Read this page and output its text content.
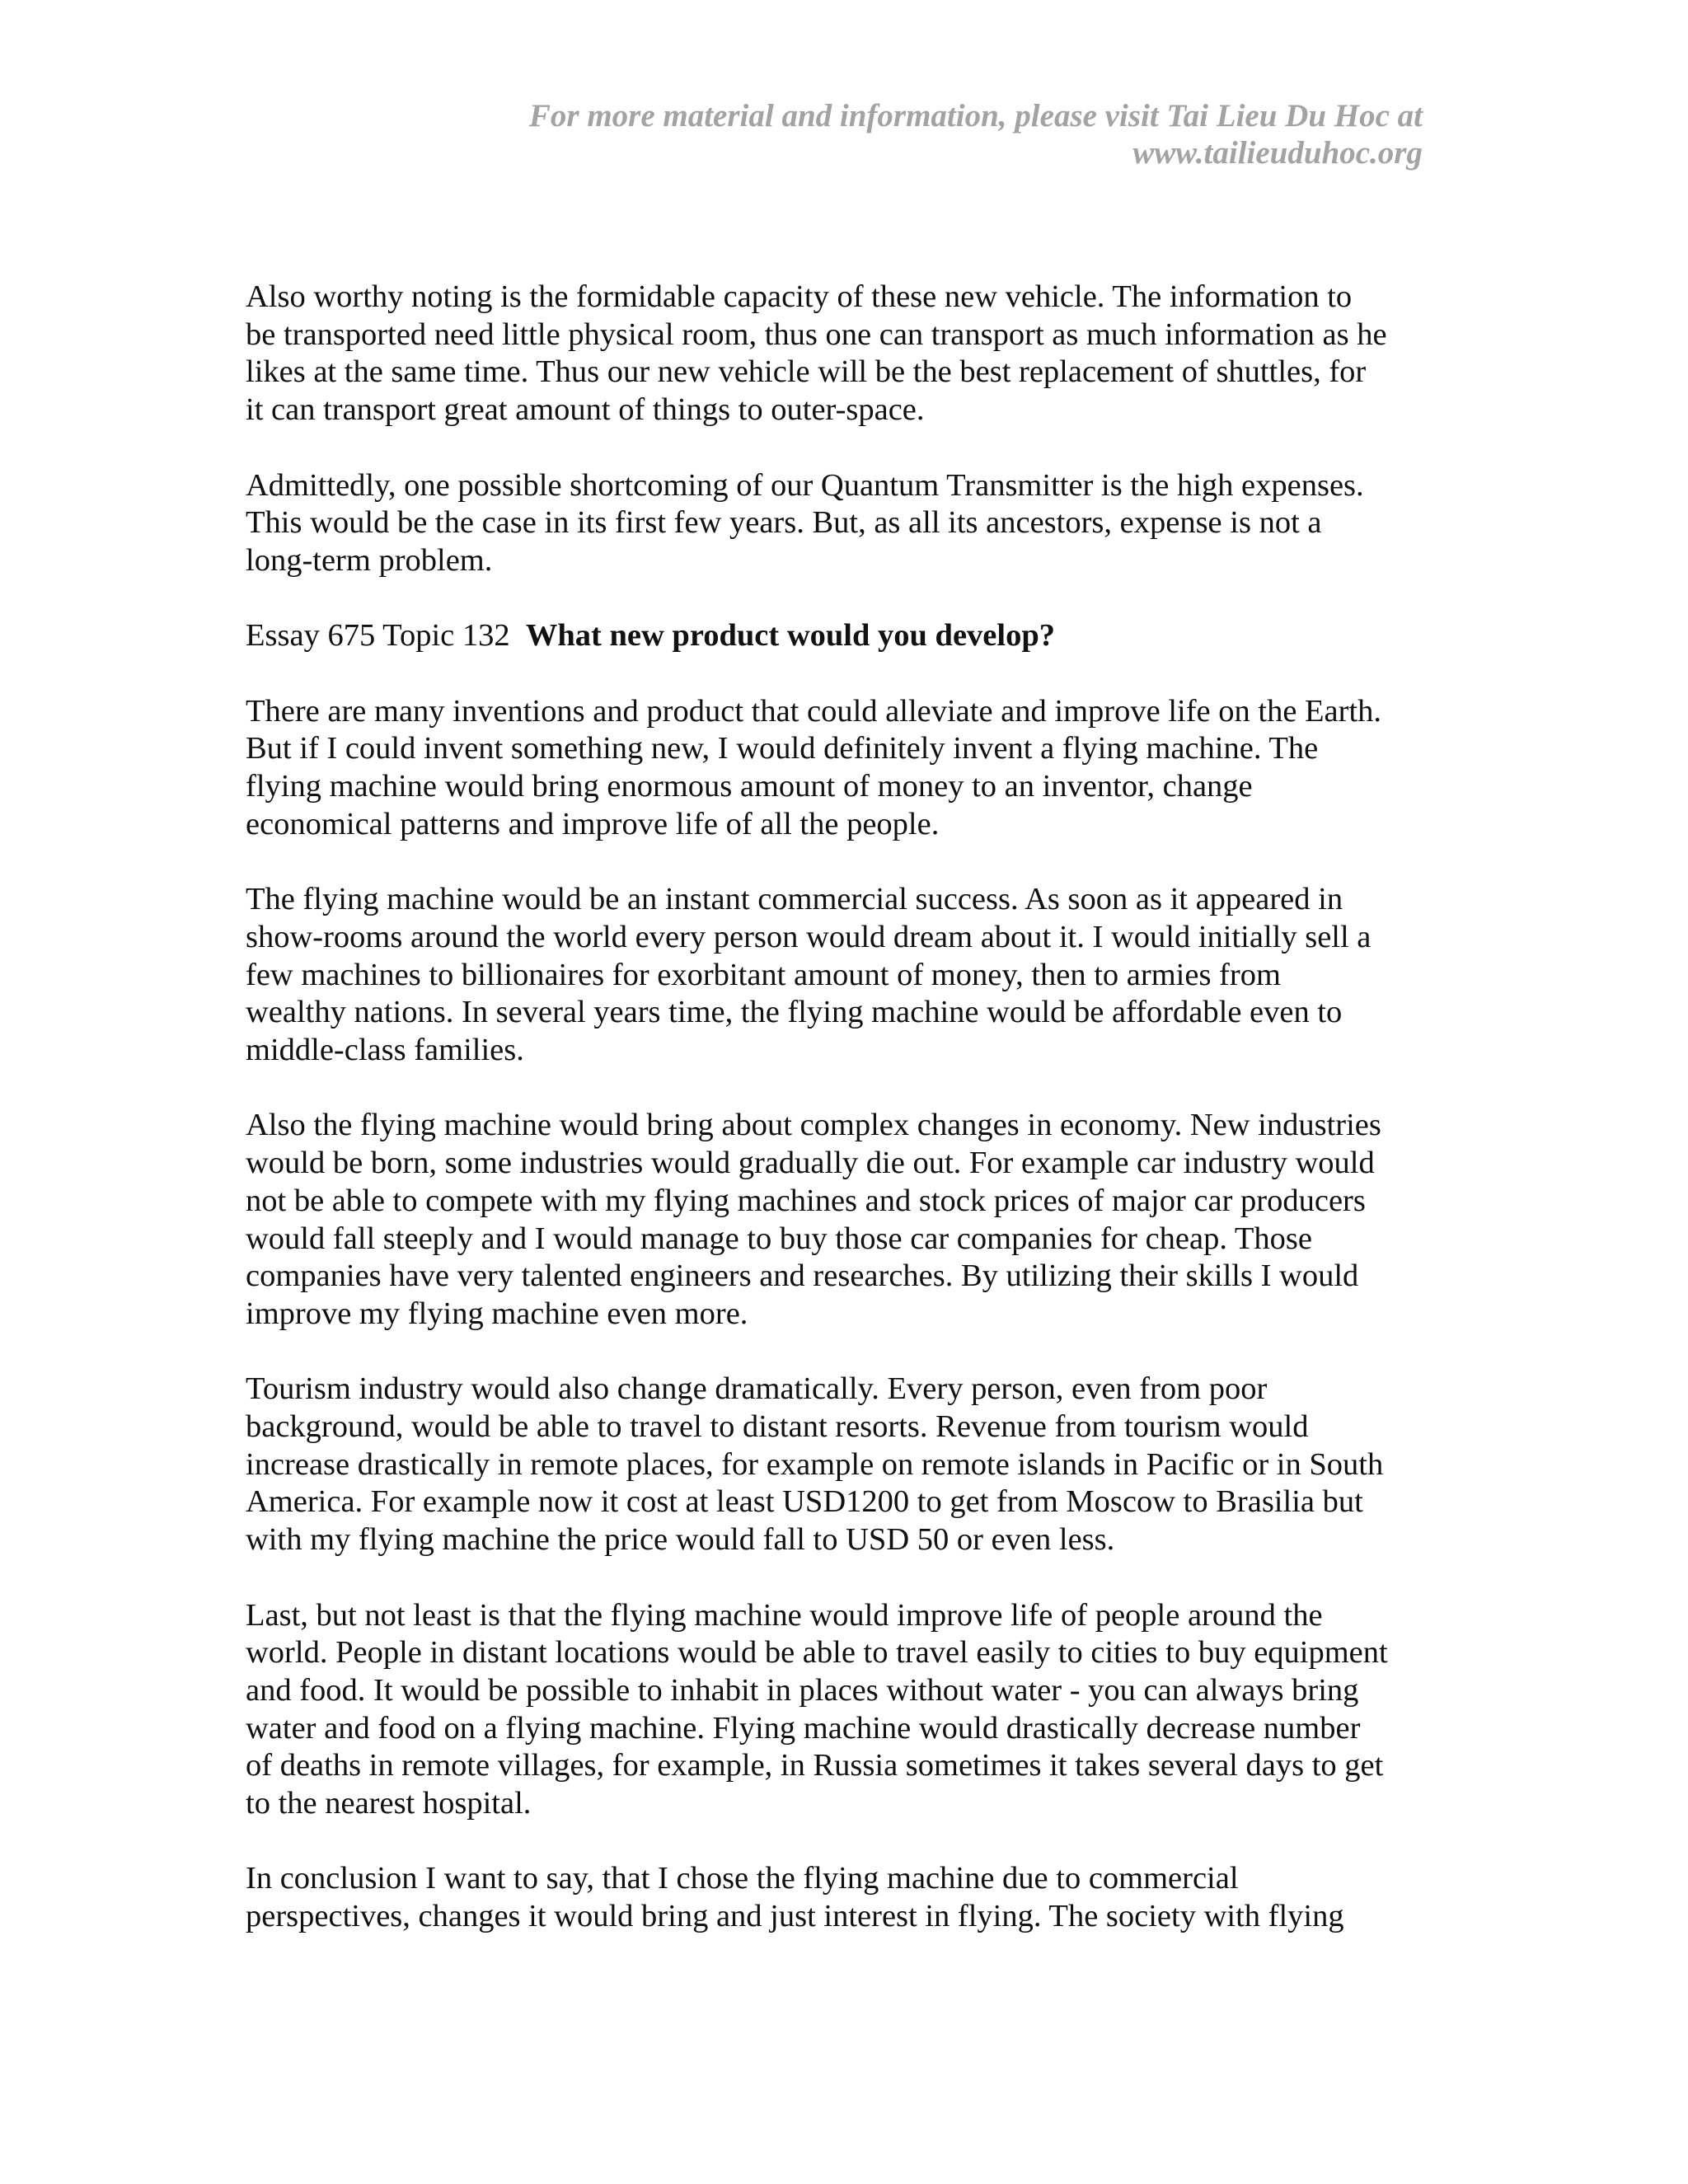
For more material and information, please visit Tai Lieu Du Hoc at
www.tailieuduhoc.org

Also worthy noting is the formidable capacity of these new vehicle. The information to
be transported need little physical room, thus one can transport as much information as he
likes at the same time. Thus our new vehicle will be the best replacement of shuttles, for
it can transport great amount of things to outer-space.

Admittedly, one possible shortcoming of our Quantum Transmitter is the high expenses.
This would be the case in its first few years. But, as all its ancestors, expense is not a
long-term problem.

Essay 675 Topic 132 What new product would you develop?

There are many inventions and product that could alleviate and improve life on the Earth.
But if I could invent something new, I would definitely invent a flying machine. The
flying machine would bring enormous amount of money to an inventor, change
economical patterns and improve life of all the people.

The flying machine would be an instant commercial success. As soon as it appeared in
show-rooms around the world every person would dream about it. I would initially sell a
few machines to billionaires for exorbitant amount of money, then to armies from
wealthy nations. In several years time, the flying machine would be affordable even to
middle-class families.

Also the flying machine would bring about complex changes in economy. New industries
would be born, some industries would gradually die out. For example car industry would
not be able to compete with my flying machines and stock prices of major car producers
would fall steeply and I would manage to buy those car companies for cheap. Those
companies have very talented engineers and researches. By utilizing their skills I would
improve my flying machine even more.

Tourism industry would also change dramatically. Every person, even from poor
background, would be able to travel to distant resorts. Revenue from tourism would
increase drastically in remote places, for example on remote islands in Pacific or in South
America. For example now it cost at least USD1200 to get from Moscow to Brasilia but
with my flying machine the price would fall to USD 50 or even less.

Last, but not least is that the flying machine would improve life of people around the
world. People in distant locations would be able to travel easily to cities to buy equipment
and food. It would be possible to inhabit in places without water - you can always bring
water and food on a flying machine. Flying machine would drastically decrease number
of deaths in remote villages, for example, in Russia sometimes it takes several days to get
to the nearest hospital.

In conclusion I want to say, that I chose the flying machine due to commercial
perspectives, changes it would bring and just interest in flying. The society with flying
